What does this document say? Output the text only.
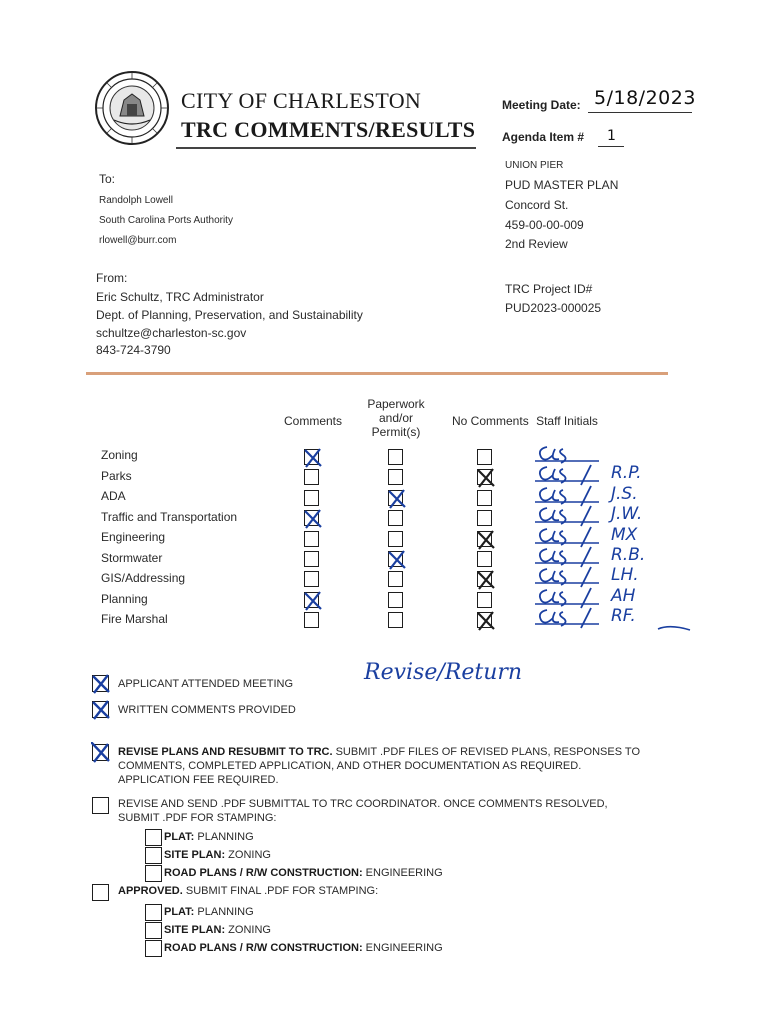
CITY OF CHARLESTON
TRC COMMENTS/RESULTS
Meeting Date: 5/18/2023
Agenda Item # 1
To:
Randolph Lowell
South Carolina Ports Authority
rlowell@burr.com
UNION PIER
PUD MASTER PLAN
Concord St.
459-00-00-009
2nd Review
TRC Project ID#
PUD2023-000025
From:
Eric Schultz, TRC Administrator
Dept. of Planning, Preservation, and Sustainability
schultze@charleston-sc.gov
843-724-3790
Comments
Paperwork
and/or
Permit(s)
No Comments Staff Initials
Zoning
Parks
ADA
Traffic and Transportation
Engineering
Stormwater
GIS/Addressing
Planning
Fire Marshal
R.P.
J.S.
J.W.
MX
R.B.
LH.
AH
RF.
Revise/Return
APPLICANT ATTENDED MEETING
WRITTEN COMMENTS PROVIDED
REVISE PLANS AND RESUBMIT TO TRC. SUBMIT .PDF FILES OF REVISED PLANS, RESPONSES TO
COMMENTS, COMPLETED APPLICATION, AND OTHER DOCUMENTATION AS REQUIRED.
APPLICATION FEE REQUIRED.
REVISE AND SEND .PDF SUBMITTAL TO TRC COORDINATOR. ONCE COMMENTS RESOLVED,
SUBMIT .PDF FOR STAMPING:
PLAT: PLANNING
SITE PLAN: ZONING
ROAD PLANS / R/W CONSTRUCTION: ENGINEERING
APPROVED. SUBMIT FINAL .PDF FOR STAMPING:
PLAT: PLANNING
SITE PLAN: ZONING
ROAD PLANS / R/W CONSTRUCTION: ENGINEERING
